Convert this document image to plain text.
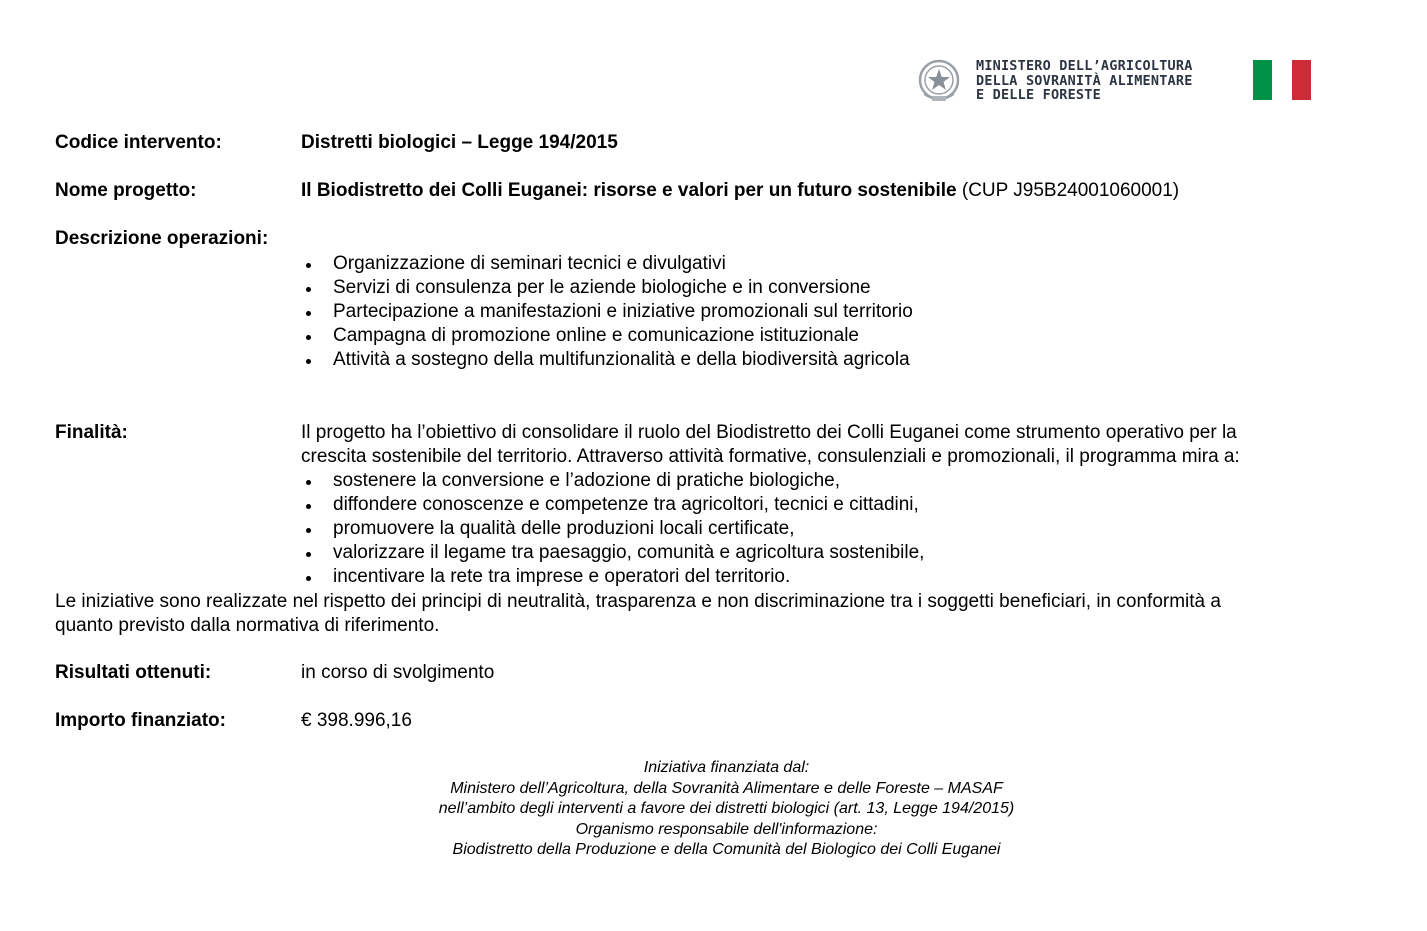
MINISTERO DELL’AGRICOLTURA
DELLA SOVRANITÀ ALIMENTARE
E DELLE FORESTE
Codice intervento:	Distretti biologici – Legge 194/2015
Nome progetto:	Il Biodistretto dei Colli Euganei: risorse e valori per un futuro sostenibile (CUP J95B24001060001)
Descrizione operazioni:
Organizzazione di seminari tecnici e divulgativi
Servizi di consulenza per le aziende biologiche e in conversione
Partecipazione a manifestazioni e iniziative promozionali sul territorio
Campagna di promozione online e comunicazione istituzionale
Attività a sostegno della multifunzionalità e della biodiversità agricola
Finalità:	Il progetto ha l’obiettivo di consolidare il ruolo del Biodistretto dei Colli Euganei come strumento operativo per la
crescita sostenibile del territorio. Attraverso attività formative, consulenziali e promozionali, il programma mira a:
sostenere la conversione e l’adozione di pratiche biologiche,
diffondere conoscenze e competenze tra agricoltori, tecnici e cittadini,
promuovere la qualità delle produzioni locali certificate,
valorizzare il legame tra paesaggio, comunità e agricoltura sostenibile,
incentivare la rete tra imprese e operatori del territorio.
Le iniziative sono realizzate nel rispetto dei principi di neutralità, trasparenza e non discriminazione tra i soggetti beneficiari, in conformità a
quanto previsto dalla normativa di riferimento.
Risultati ottenuti:	in corso di svolgimento
Importo finanziato:	€ 398.996,16
Iniziativa finanziata dal:
Ministero dell’Agricoltura, della Sovranità Alimentare e delle Foreste – MASAF
nell’ambito degli interventi a favore dei distretti biologici (art. 13, Legge 194/2015)
Organismo responsabile dell'informazione:
Biodistretto della Produzione e della Comunità del Biologico dei Colli Euganei
